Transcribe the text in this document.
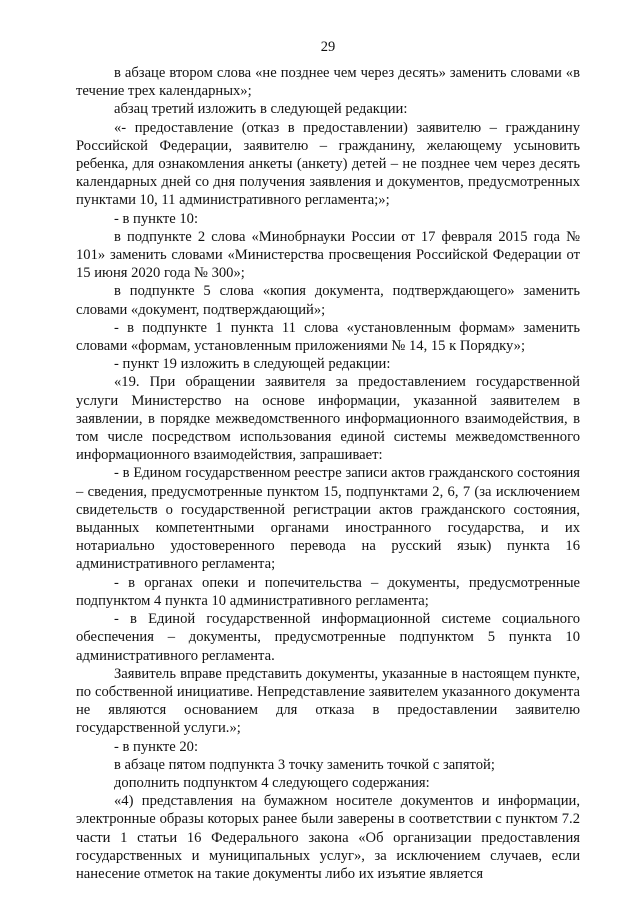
29

в абзаце втором слова «не позднее чем через десять» заменить словами «в течение трех календарных»;

абзац третий изложить в следующей редакции:

«- предоставление (отказ в предоставлении) заявителю – гражданину Российской Федерации, заявителю – гражданину, желающему усыновить ребенка, для ознакомления анкеты (анкету) детей – не позднее чем через десять календарных дней со дня получения заявления и документов, предусмотренных пунктами 10, 11 административного регламента;»;

- в пункте 10:

в подпункте 2 слова «Минобрнауки России от 17 февраля 2015 года № 101» заменить словами «Министерства просвещения Российской Федерации от 15 июня 2020 года № 300»;

в подпункте 5 слова «копия документа, подтверждающего» заменить словами «документ, подтверждающий»;

- в подпункте 1 пункта 11 слова «установленным формам» заменить словами «формам, установленным приложениями № 14, 15 к Порядку»;

- пункт 19 изложить в следующей редакции:

«19. При обращении заявителя за предоставлением государственной услуги Министерство на основе информации, указанной заявителем в заявлении, в порядке межведомственного информационного взаимодействия, в том числе посредством использования единой системы межведомственного информационного взаимодействия, запрашивает:

- в Едином государственном реестре записи актов гражданского состояния – сведения, предусмотренные пунктом 15, подпунктами 2, 6, 7 (за исключением свидетельств о государственной регистрации актов гражданского состояния, выданных компетентными органами иностранного государства, и их нотариально удостоверенного перевода на русский язык) пункта 16 административного регламента;

- в органах опеки и попечительства – документы, предусмотренные подпунктом 4 пункта 10 административного регламента;

- в Единой государственной информационной системе социального обеспечения – документы, предусмотренные подпунктом 5 пункта 10 административного регламента.

Заявитель вправе представить документы, указанные в настоящем пункте, по собственной инициативе. Непредставление заявителем указанного документа не являются основанием для отказа в предоставлении заявителю государственной услуги.»;

- в пункте 20:

в абзаце пятом подпункта 3 точку заменить точкой с запятой;

дополнить подпунктом 4 следующего содержания:

«4) представления на бумажном носителе документов и информации, электронные образы которых ранее были заверены в соответствии с пунктом 7.2 части 1 статьи 16 Федерального закона «Об организации предоставления государственных и муниципальных услуг», за исключением случаев, если нанесение отметок на такие документы либо их изъятие является
